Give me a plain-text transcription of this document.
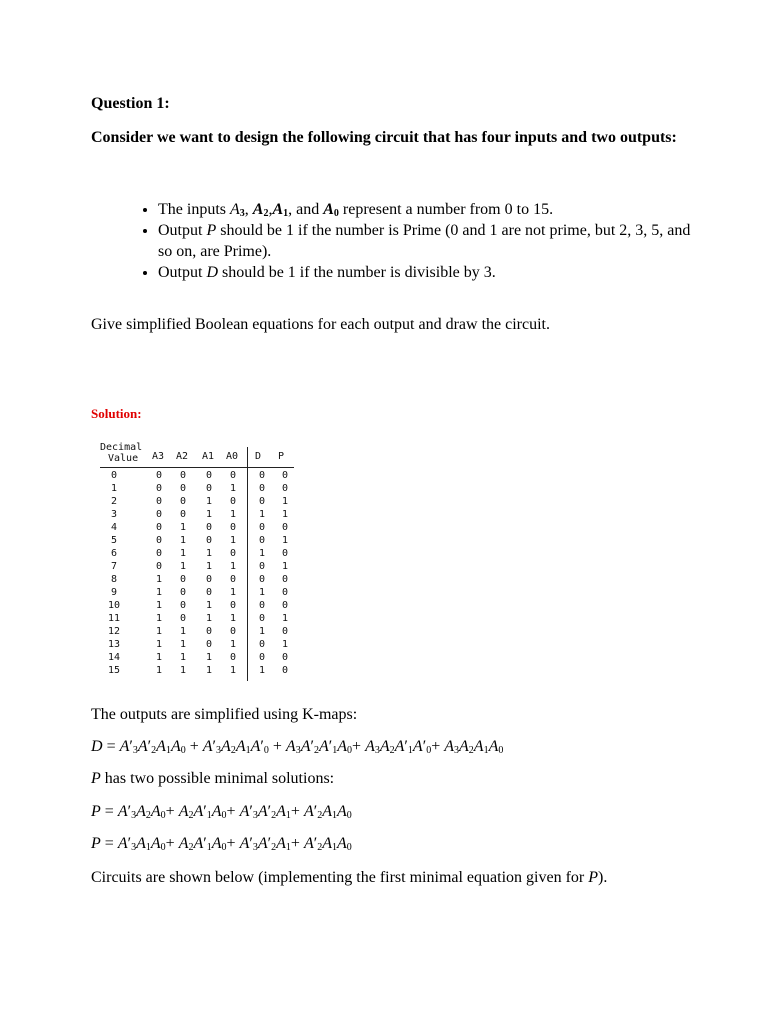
Question 1:
Consider we want to design the following circuit that has four inputs and two outputs:
• The inputs $A_3$, $A_2,A_1$, and $A_0$ represent a number from 0 to 15.
• Output P should be 1 if the number is Prime (0 and 1 are not prime, but 2, 3, 5, and so on, are Prime).
• Output D should be 1 if the number is divisible by 3.
Give simplified Boolean equations for each output and draw the circuit.
Solution:
Decimal
Value A3 A2 A1 A0 D P
0	0	0	0	0	0	0
1	0	0	0	1	0	0
2	0	0	1	0	0	1
3	0	0	1	1	1	1
4	0	1	0	0	0	0
5	0	1	0	1	0	1
6	0	1	1	0	1	0
7	0	1	1	1	0	1
8	1	0	0	0	0	0
9	1	0	0	1	1	0
10	1	0	1	0	0	0
11	1	0	1	1	0	1
12	1	1	0	0	1	0
13	1	1	0	1	0	1
14	1	1	1	0	0	0
15	1	1	1	1	1	0
The outputs are simplified using K-maps:
$D = A'_3A'_2A_1A_0 + A'_3A_2A_1A'_0 + A_3A'_2A'_1A_0+ A_3A_2A'_1A'_0+ A_3A_2A_1A_0$
P has two possible minimal solutions:
$P = A'_3A_2A_0+ A_2A'_1A_0+ A'_3A'_2A_1+ A'_2A_1A_0$
$P = A'_3A_1A_0+ A_2A'_1A_0+ A'_3A'_2A_1+ A'_2A_1A_0$
Circuits are shown below (implementing the first minimal equation given for P).
